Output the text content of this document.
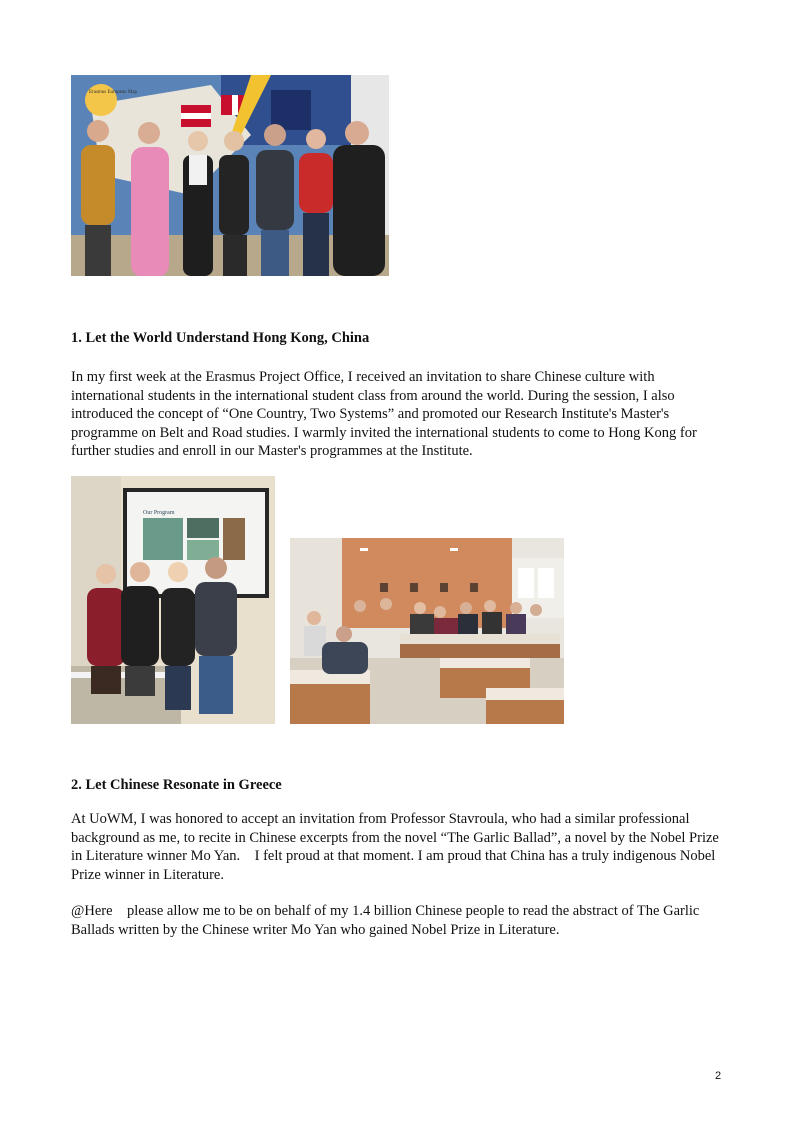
Erasmus European Map
1. Let the World Understand Hong Kong, China

In my first week at the Erasmus Project Office, I received an invitation to share Chinese culture with international students in the international student class from around the world. During the session, I also introduced the concept of “One Country, Two Systems” and promoted our Research Institute's Master's programme on Belt and Road studies. I warmly invited the international students to come to Hong Kong for further studies and enroll in our Master's programmes at the Institute.

Our Program
2. Let Chinese Resonate in Greece

At UoWM, I was honored to accept an invitation from Professor Stavroula, who had a similar professional background as me, to recite in Chinese excerpts from the novel “The Garlic Ballad”, a novel by the Nobel Prize in Literature winner Mo Yan.    I felt proud at that moment. I am proud that China has a truly indigenous Nobel Prize winner in Literature.

@Here    please allow me to be on behalf of my 1.4 billion Chinese people to read the abstract of The Garlic Ballads written by the Chinese writer Mo Yan who gained Nobel Prize in Literature.

2
